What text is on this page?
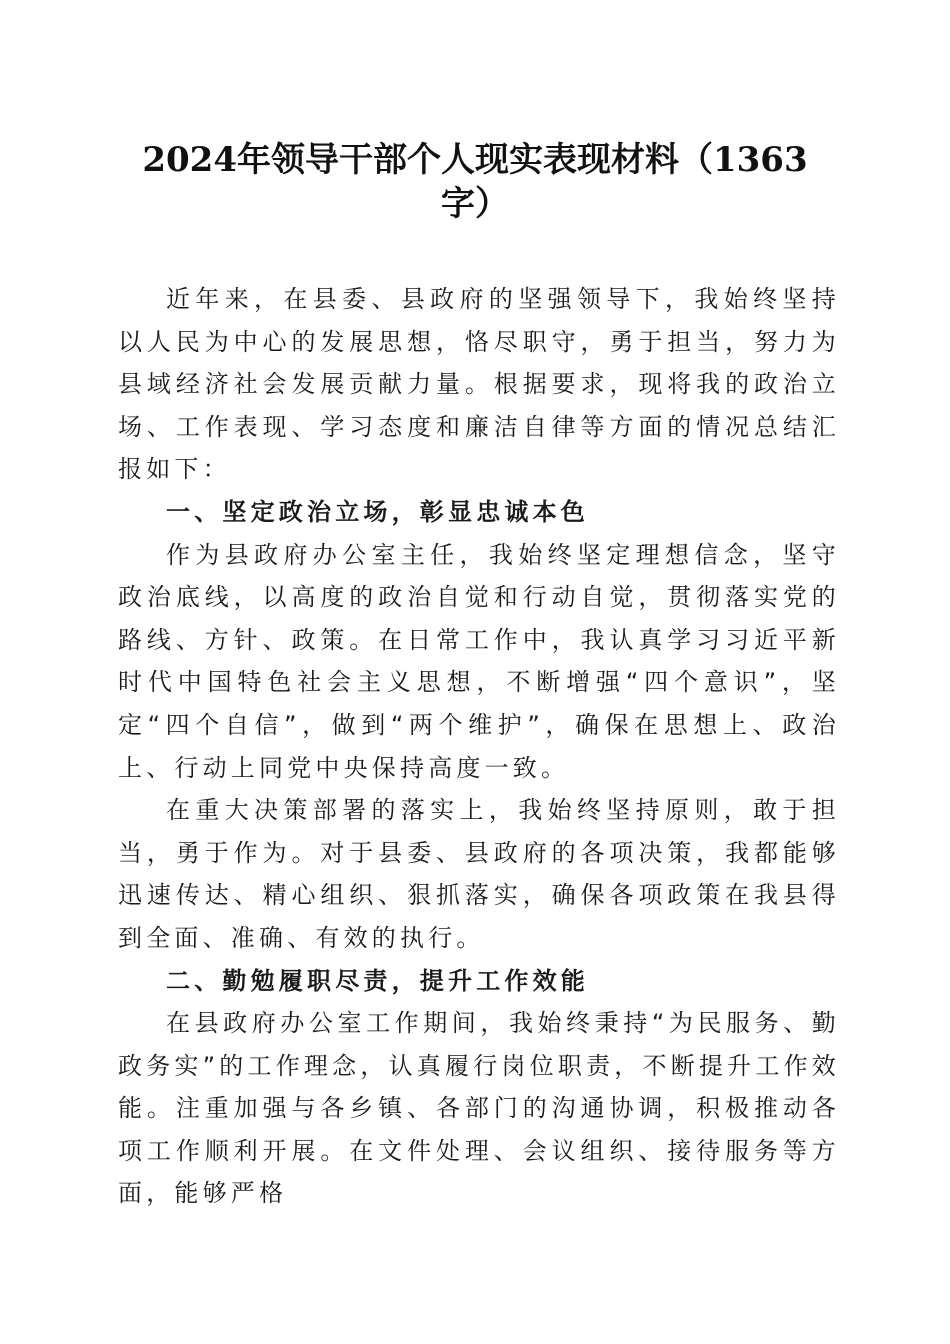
2024年领导干部个人现实表现材料（1363
字）

近年来，在县委、县政府的坚强领导下，我始终坚持以人民为中心的发展思想，恪尽职守，勇于担当，努力为县域经济社会发展贡献力量。根据要求，现将我的政治立场、工作表现、学习态度和廉洁自律等方面的情况总结汇报如下：

一、坚定政治立场，彰显忠诚本色

作为县政府办公室主任，我始终坚定理想信念，坚守政治底线，以高度的政治自觉和行动自觉，贯彻落实党的路线、方针、政策。在日常工作中，我认真学习习近平新时代中国特色社会主义思想，不断增强“四个意识”，坚定“四个自信”，做到“两个维护”，确保在思想上、政治上、行动上同党中央保持高度一致。

在重大决策部署的落实上，我始终坚持原则，敢于担当，勇于作为。对于县委、县政府的各项决策，我都能够迅速传达、精心组织、狠抓落实，确保各项政策在我县得到全面、准确、有效的执行。

二、勤勉履职尽责，提升工作效能

在县政府办公室工作期间，我始终秉持“为民服务、勤政务实”的工作理念，认真履行岗位职责，不断提升工作效能。注重加强与各乡镇、各部门的沟通协调，积极推动各项工作顺利开展。在文件处理、会议组织、接待服务等方面，能够严格
